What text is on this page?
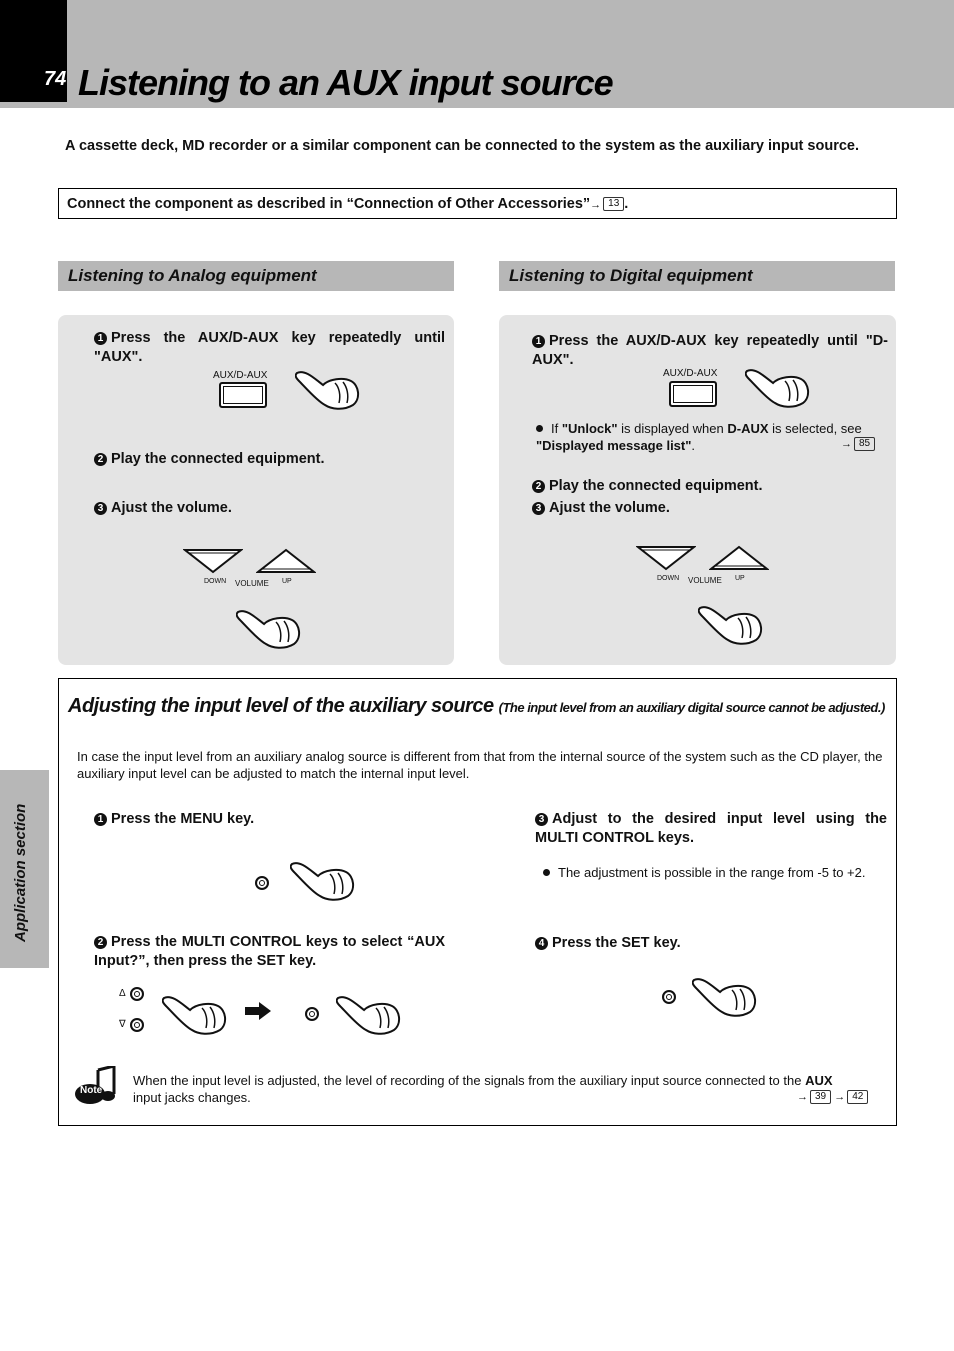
74 Listening to an AUX input source
A cassette deck, MD recorder or a similar component can be connected to the system as the auxiliary input source.
Connect the component as described in “Connection of Other Accessories”→ 13 .
Listening to Analog equipment	Listening to Digital equipment
1 Press the AUX/D-AUX key repeatedly until "AUX".
AUX/D-AUX
2 Play the connected equipment.
3 Ajust the volume.
DOWN VOLUME UP
1 Press the AUX/D-AUX key repeatedly until "D-AUX".
AUX/D-AUX
If "Unlock" is displayed when D-AUX is selected, see
"Displayed message list".	→ 85
2 Play the connected equipment.
3 Ajust the volume.
DOWN VOLUME UP
Application section
Adjusting the input level of the auxiliary source (The input level from an auxiliary digital source cannot be adjusted.)
In case the input level from an auxiliary analog source is different from that from the internal source of the system such as the CD player, the auxiliary input level can be adjusted to match the internal input level.
1 Press the MENU key.
2 Press the MULTI CONTROL keys to select “AUX Input?”, then press the SET key.
Δ
∇
3 Adjust to the desired input level using the MULTI CONTROL keys.
The adjustment is possible in the range from -5 to +2.
4 Press the SET key.
Note
When the input level is adjusted, the level of recording of the signals from the auxiliary input source connected to the AUX
input jacks changes.	→ 39 → 42
